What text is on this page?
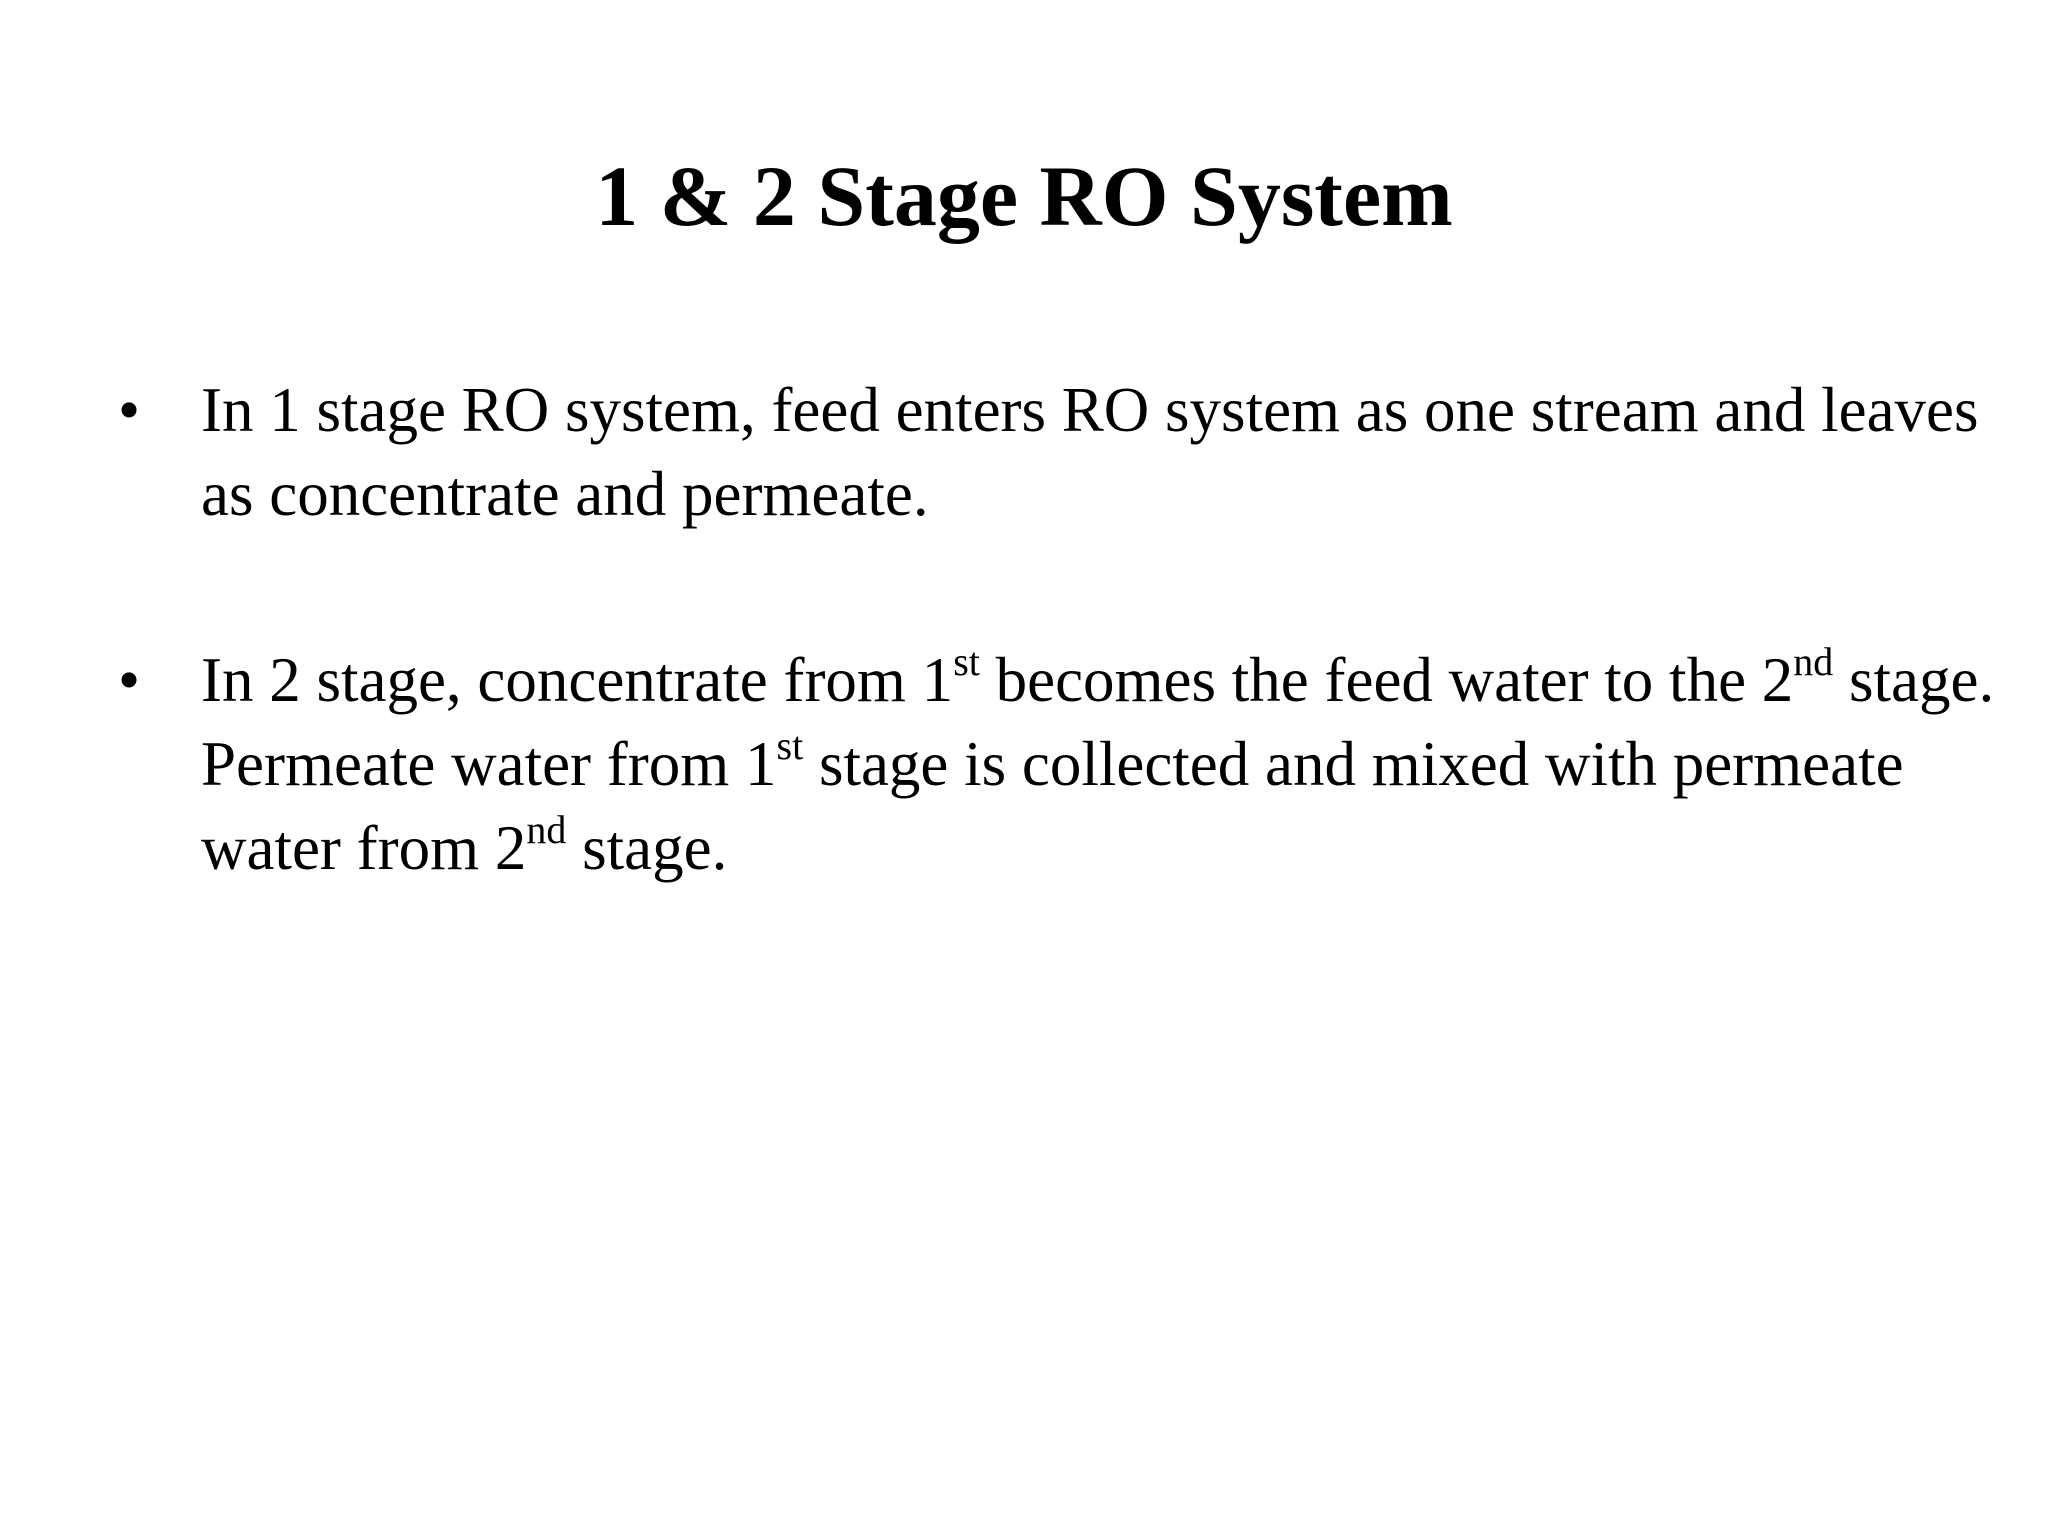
1 & 2 Stage RO System
• In 1 stage RO system, feed enters RO system as one stream and leaves as concentrate and permeate.
• In 2 stage, concentrate from 1st becomes the feed water to the 2nd stage. Permeate water from 1st stage is collected and mixed with permeate water from 2nd stage.
